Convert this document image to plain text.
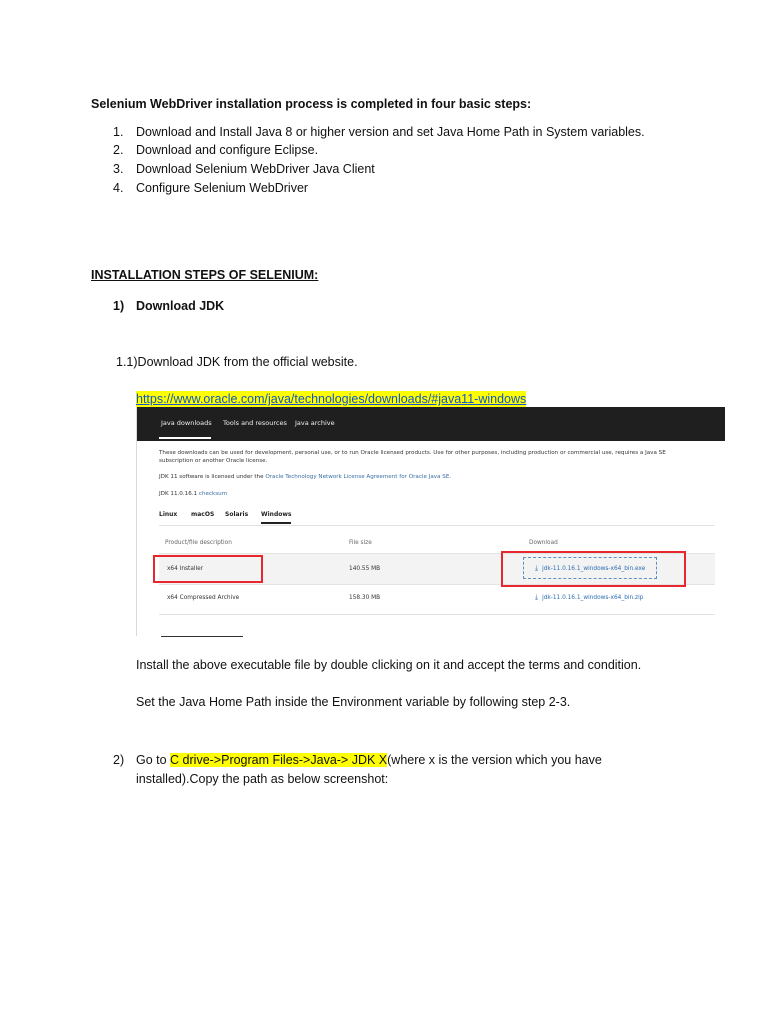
Selenium WebDriver installation process is completed in four basic steps:
1. Download and Install Java 8 or higher version and set Java Home Path in System variables.
2. Download and configure Eclipse.
3. Download Selenium WebDriver Java Client
4. Configure Selenium WebDriver
INSTALLATION STEPS OF SELENIUM:
1) Download JDK
1.1)Download JDK from the official website.
https://www.oracle.com/java/technologies/downloads/#java11-windows
Java downloads Tools and resources Java archive
These downloads can be used for development, personal use, or to run Oracle licensed products. Use for other purposes, including production or commercial use, requires a Java SE
subscription or another Oracle license.
JDK 11 software is licensed under the Oracle Technology Network License Agreement for Oracle Java SE.
JDK 11.0.16.1 checksum
Linux macOS Solaris Windows
Product/file description	File size	Download
x64 Installer	140.55 MB	⤓ jdk-11.0.16.1_windows-x64_bin.exe
x64 Compressed Archive	158.30 MB	⤓ jdk-11.0.16.1_windows-x64_bin.zip
Install the above executable file by double clicking on it and accept the terms and condition.
Set the Java Home Path inside the Environment variable by following step 2-3.
2) Go to C drive->Program Files->Java-> JDK X(where x is the version which you have
installed).Copy the path as below screenshot:
